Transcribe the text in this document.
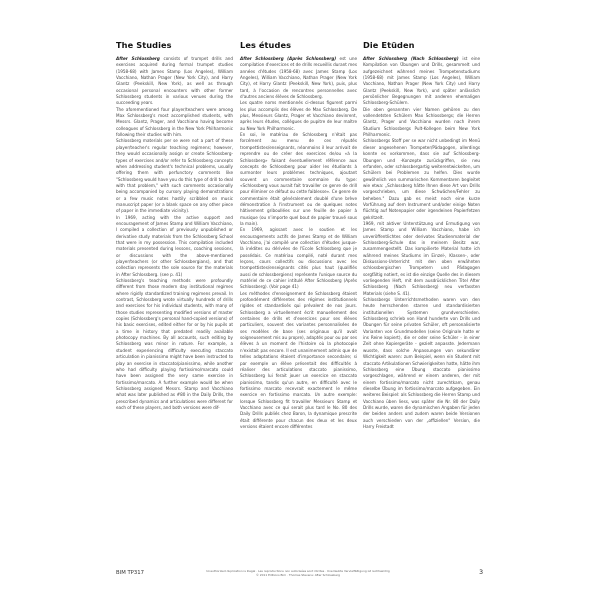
The Studies

After Schlossberg consists of trumpet drills and exercises acquired during formal trumpet studies (1958-68) with James Stamp (Los Angeles), William Vacchiano, Nathan Prager (New York City), and Harry Glantz (Peekskill, New York), as well as through occasional personal encounters with other former Schlossberg students in various venues during the succeeding years.

The aforementioned four player/teachers were among Max Schlossberg's most accomplished students, with Messrs. Glantz, Prager, and Vacchiano having become colleagues of Schlossberg in the New York Philharmonic following their studies with him.

Schlossberg materials per se were not a part of these player/teacher's regular teaching regimens; however, they would occasionally assign or create Schlossberg-types of exercises and/or refer to Schlossberg concepts when addressing student's technical problems, usually offering them with perfunctory comments like "Schlossberg would have you do this type of drill to deal with that problem," with such comments occasionally being accompanied by cursory playing demonstrations or a few music notes hastily scribbled on music manuscript paper (or a blank space on any other piece of paper in the immediate vicinity).

In 1969, acting with the active support and encouragement of James Stamp and William Vacchiano, I compiled a collection of previously unpublished or derivative study materials from the Schlossberg School that were in my possession. This compilation included materials presented during lessons, coaching sessions, or discussions with the above-mentioned player/teachers (or other Schlossbergians), and that collection represents the sole source for the materials in After Schlossberg. (see p. 41)

Schlossberg's teaching methods were profoundly different from those modern day institutional regimes where rigidly standardized training regimens prevail. In contrast, Schlossberg wrote virtually hundreds of drills and exercises for his individual students, with many of those studies representing modified versions of master copies (Schlossberg's personal hand-copied versions) of his basic exercises, edited either for or by his pupils at a time in history that predated readily available photocopy machines. By all accounts, such editing by Schlossberg was minor in nature. For example, a student experiencing difficulty executing staccato articulation in pianissimo might have been instructed to play an exercise in staccato/pianissimo, while another who had difficulty playing fortissimo/marcato could have been assigned the very same exercise in fortissimo/marcato. A further example would be when Schlossberg assigned Messrs. Stamp and Vacchiano what was later published as #80 in the Daily Drills, the prescribed dynamics and articulations were different for each of these players, and both versions were dif-

Les études

After Schlossberg (Après Schlossberg) est une compilation d'exercices et de drills recueillis durant mes années d'études (1958-68) avec James Stamp (Los Angeles), William Vacchiano, Nathan Prager (New York City), et Harry Glantz (Peekskill, New York), puis, plus tard, à l'occasion de rencontres personnelles avec d'autres anciens élèves de Schlossberg.

Les quatre noms mentionnés ci-dessus figurent parmi les plus accomplis des élèves de Max Schlossberg. De plus, Messieurs Glantz, Prager et Vacchiano devinrent, après leurs études, collègues de pupitre de leur maître au New York Philharmonic.

En soi, le matériau de Schlossberg n'était pas forcément au menu de ces réputés trompettistes/enseignants, néanmoins il leur arrivait de reprendre ou de créer des exercices de/ou «à la Schlossberg» faisant éventuellement référence aux concepts de Schlossberg pour aider les étudiants à surmonter leurs problèmes techniques, ajoutant souvent un commentaire sommaire du type: «Schlossberg vous aurait fait travailler ce genre de drill pour éliminer ce défaut ou cette faiblesse». Ce genre de commentaire était généralement doublé d'une brève démonstration à l'instrument ou de quelques notes hâtivement griboullées sur une feuille de papier à musique (ou n'importe quel bout de papier trouvé sous la main).

En 1969, agissant avec le soutien et les encouragements actifs de James Stamp et de William Vacchiano, j'ai compilé une collection d'études jusque-là inédites ou dérivées de l'Ecole Schlossberg que je possédais. Ce matériau compilé, noté durant mes leçons, cours collectifs ou discussions avec les trompettistes/enseignants cités plus haut (qualifiés aussi de schlossbergiens) représente l'unique source du matériel de ce cahier intitulé After Schlossberg (Après Schlossberg). (Voir page 41)

Les méthodes d'enseignement de Schlossberg étaient profondément différentes des régimes institutionnels rigides et standardisés qui prévalent de nos jours. Schlossberg a virtuellement écrit manuellement des centaines de drills et d'exercices pour ses élèves particuliers, souvent des variantes personnalisées de ses modèles de base (ses originaux qu'il avait soigneusement mis au propre), adaptés pour ou par ses élèves à un moment de l'histoire où la photocopie n'existait pas encore. Il est unanimement admis que de telles adaptations étaient d'importance secondaire; si par exemple un élève présentait des difficultés à réaliser des articulations staccato pianissimo, Schlossberg lui ferait jouer un exercice en staccato pianissimo, tandis qu'un autre, en difficulté avec le fortissimo marcato recevrait exactement le même exercice en fortissimo marcato. Un autre exemple: lorsque Schlossberg fit travailler Messieurs Stamp et Vacchiano avec ce qui serait plus tard le No. 80 des Daily Drills publiés chez Baron, la dynamique prescrite était différente pour chacun des deux et les deux versions étaient encore différentes

Die Etüden

After Schlossberg (Nach Schlossberg) ist eine Kompilation von Übungen und Drills, gesammelt und aufgezeichnet während meines Trompetenstudiums (1958-68) mit James Stamp (Los Angeles), William Vacchiano, Nathan Prager (New York City) und Harry Glantz (Peekskill, New York), und später anlässlich persönlicher Begegnungen mit anderen ehemaligen Schlossberg-Schülern.

Die oben genannten vier Namen gehören zu den vollendetsten Schülern Max Schlossbergs; die Herren Glantz, Prager und Vacchiano wurden nach ihrem Studium Schlossbergs Pult-Kollegen beim New York Philharmonic.

Schlossbergs Stoff per se war nicht unbedingt im Menü dieser angesehenen Trompeter/Pädagogen, allerdings konnte es vorkommen, dass sie auf Schlossberg-Übungen und -Konzepte zurückgriffen, sie neu erfanden, oder schlossbergartig weiterentwickelten, um Schülern bei Problemen zu helfen. Dies wurde gewöhnlich von summarischen Kommentaren begleitet wie etwa: „Schlossberg hätte Ihnen diese Art von Drills vorgeschrieben, um diese Schwächen/Fehler zu beheben." Dazu gab es meist noch eine kurze Vorführung auf dem Instrument und/oder einige Noten flüchtig auf Notenpapier oder irgendeinen Papierfetzen gekritzelt.

1969, mit aktiver Unterstützung und Ermutigung von James Stamp und William Vacchiano, habe ich unveröffentlichtes oder derivates Studienmaterial der Schlossberg-Schule das in meinem Besitz war, zusammengestellt. Das kompilierte Material hatte ich während meines Studiums im Einzel-, Klassen-, oder Diskussions-Unterricht mit den oben erwähnten schlossbergischen Trompetern und Pädagogen sorgfältig notiert, es ist die einzige Quelle des in diesem vorliegenden Heft, mit dem ausdrücklichen Titel After Schlossberg (Nach Schlossberg) neu verfassten Materials (siehe S. 41).

Schlossbergs Unterrichtsmethoden waren von den heute herrschenden starren und standardisierten institutionellen Systemen grundverschieden. Schlossberg schrieb von Hand hunderte von Drills und Übungen für seine privaten Schüler, oft personalisierte Varianten von Grundmodellen (seine Originale hatte er ins Reine kopiert), die er oder seine Schüler - in einer Zeit ohne Kopiergeräte - gezielt anpasste. Jedermann wusste, dass solche Anpassungen von sekundärer Wichtigkeit waren: zum Beispiel, wenn ein Student mit staccato Artikulationen Schwierigkeiten hatte, hätte ihm Schlossberg eine Übung staccato pianissimo vorgeschlagen, während er einem anderen, der mit einem fortissimo/marcato nicht zurechtkam, genau dieselbe Übung im fortissimo/marcato aufgegeben. Ein weiteres Beispiel: als Schlossberg die Herren Stamp und Vacchiano üben liess, was später die Nr. 80 der Daily Drills wurde, waren die dynamischen Angaben für jeden der beiden anders und zudem waren beide Versionen auch verschieden von der „offiziellen" Version, die Harry Freistadt

BIM TP317	Unauthorized duplication is illegal · Les reproductions non autorisées sont illicites · Unerlaubte Vervielfältigung ist rechtswidrig
© 2011 Editions Bim · Thomas Stevens: After Schlossberg	3
